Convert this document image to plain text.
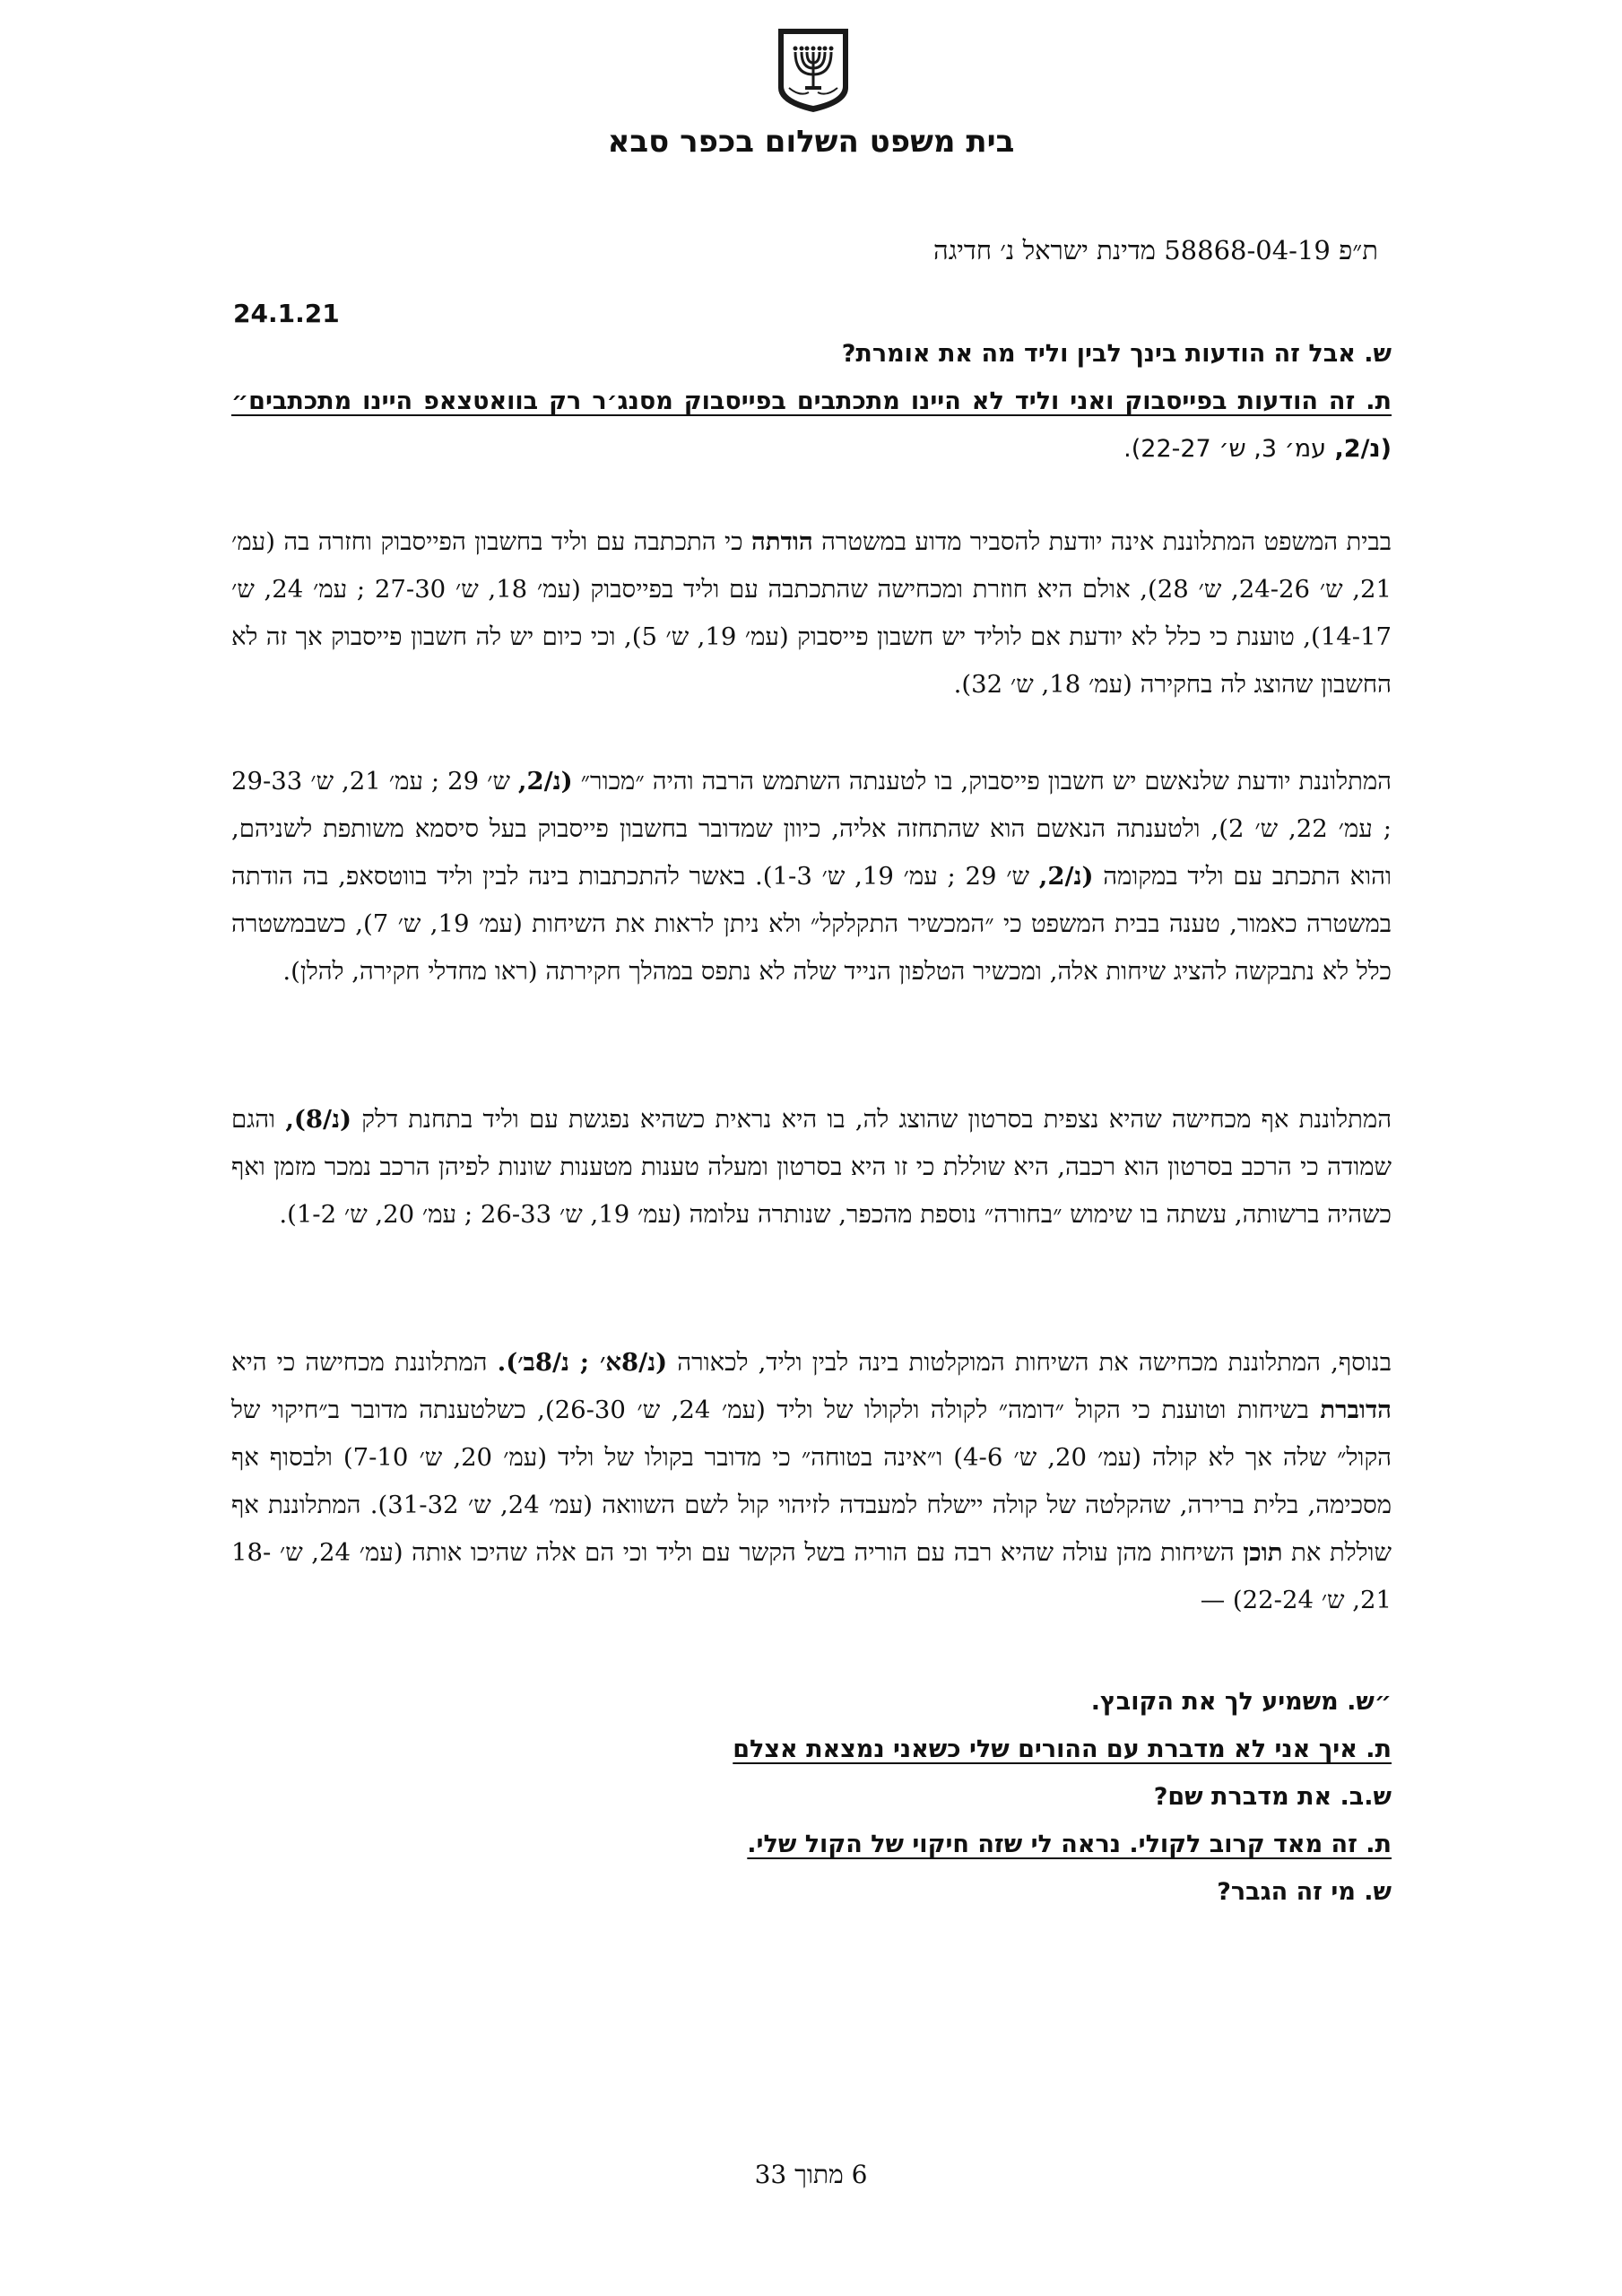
בית משפט השלום בכפר סבא
ת״פ 58868-04-19 מדינת ישראל נ׳ חדיגה
24.1.21
ש. אבל זה הודעות בינך לבין וליד מה את אומרת?
ת. זה הודעות בפייסבוק ואני וליד לא היינו מתכתבים בפייסבוק מסנג׳ר רק בוואטצאפ היינו מתכתבים״ (נ/2, עמ׳ 3, ש׳ 22-27).

בבית המשפט המתלוננת אינה יודעת להסביר מדוע במשטרה הודתה כי התכתבה עם וליד בחשבון הפייסבוק וחזרה בה (עמ׳ 21, ש׳ 24-26, ש׳ 28), אולם היא חוזרת ומכחישה שהתכתבה עם וליד בפייסבוק (עמ׳ 18, ש׳ 27-30 ; עמ׳ 24, ש׳ 14-17), טוענת כי כלל לא יודעת אם לוליד יש חשבון פייסבוק (עמ׳ 19, ש׳ 5), וכי כיום יש לה חשבון פייסבוק אך זה לא החשבון שהוצג לה בחקירה (עמ׳ 18, ש׳ 32).

המתלוננת יודעת שלנאשם יש חשבון פייסבוק, בו לטענתה השתמש הרבה והיה ״מכור״ (נ/2, ש׳ 29 ; עמ׳ 21, ש׳ 29-33 ; עמ׳ 22, ש׳ 2), ולטענתה הנאשם הוא שהתחזה אליה, כיוון שמדובר בחשבון פייסבוק בעל סיסמא משותפת לשניהם, והוא התכתב עם וליד במקומה (נ/2, ש׳ 29 ; עמ׳ 19, ש׳ 1-3). באשר להתכתבות בינה לבין וליד בווטסאפ, בה הודתה במשטרה כאמור, טענה בבית המשפט כי ״המכשיר התקלקל״ ולא ניתן לראות את השיחות (עמ׳ 19, ש׳ 7), כשבמשטרה כלל לא נתבקשה להציג שיחות אלה, ומכשיר הטלפון הנייד שלה לא נתפס במהלך חקירתה (ראו מחדלי חקירה, להלן).

המתלוננת אף מכחישה שהיא נצפית בסרטון שהוצג לה, בו היא נראית כשהיא נפגשת עם וליד בתחנת דלק (נ/8), והגם שמודה כי הרכב בסרטון הוא רכבה, היא שוללת כי זו היא בסרטון ומעלה טענות מטענות שונות לפיהן הרכב נמכר מזמן ואף כשהיה ברשותה, עשתה בו שימוש ״בחורה״ נוספת מהכפר, שנותרה עלומה (עמ׳ 19, ש׳ 26-33 ; עמ׳ 20, ש׳ 1-2).

בנוסף, המתלוננת מכחישה את השיחות המוקלטות בינה לבין וליד, לכאורה (נ/8א׳ ; נ/8ב׳). המתלוננת מכחישה כי היא הדוברת בשיחות וטוענת כי הקול ״דומה״ לקולה ולקולו של וליד (עמ׳ 24, ש׳ 26-30), כשלטענתה מדובר ב״חיקוי של הקול״ שלה אך לא קולה (עמ׳ 20, ש׳ 4-6) ו״אינה בטוחה״ כי מדובר בקולו של וליד (עמ׳ 20, ש׳ 7-10) ולבסוף אף מסכימה, בלית ברירה, שהקלטה של קולה יישלח למעבדה לזיהוי קול לשם השוואה (עמ׳ 24, ש׳ 31-32). המתלוננת אף שוללת את תוכן השיחות מהן עולה שהיא רבה עם הוריה בשל הקשר עם וליד וכי הם אלה שהיכו אותה (עמ׳ 24, ש׳ 18-21, ש׳ 22-24) —

״ש. משמיע לך את הקובץ.
ת. איך אני לא מדברת עם ההורים שלי כשאני נמצאת אצלם
ש.ב. את מדברת שם?
ת. זה מאד קרוב לקולי. נראה לי שזה חיקוי של הקול שלי.
ש. מי זה הגבר?
6 מתוך 33
